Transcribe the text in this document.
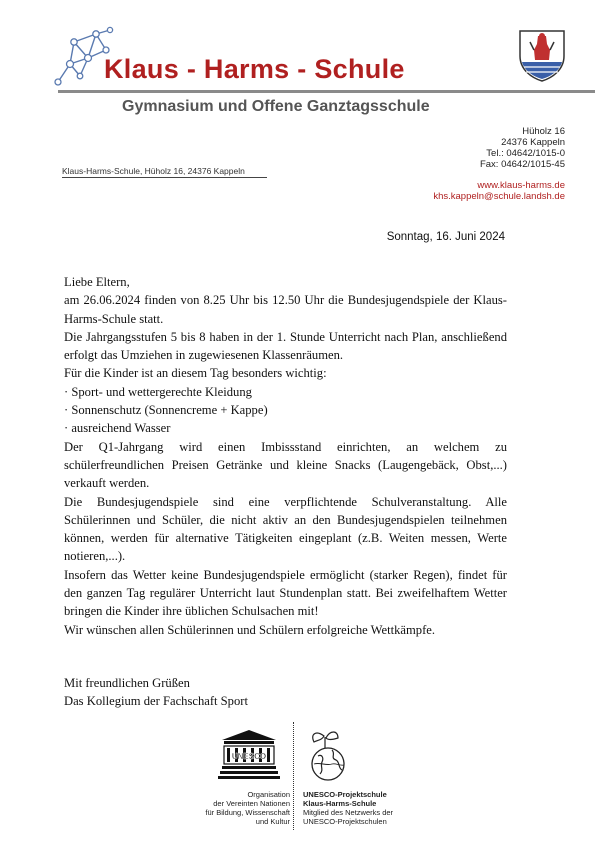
Klaus - Harms - Schule
Gymnasium und Offene Ganztagsschule
Hüholz 16
24376 Kappeln
Tel.: 04642/1015-0
Fax: 04642/1015-45
Klaus-Harms-Schule, Hüholz 16, 24376 Kappeln
www.klaus-harms.de
khs.kappeln@schule.landsh.de
Sonntag, 16. Juni 2024

Liebe Eltern,

am 26.06.2024 finden von 8.25 Uhr bis 12.50 Uhr die Bundesjugendspiele der Klaus-Harms-Schule statt.

Die Jahrgangsstufen 5 bis 8 haben in der 1. Stunde Unterricht nach Plan, anschließend erfolgt das Umziehen in zugewiesenen Klassenräumen.

Für die Kinder ist an diesem Tag besonders wichtig:

· Sport- und wettergerechte Kleidung

· Sonnenschutz (Sonnencreme + Kappe)

· ausreichend Wasser

Der Q1-Jahrgang wird einen Imbissstand einrichten, an welchem zu schülerfreundlichen Preisen Getränke und kleine Snacks (Laugengebäck, Obst,...) verkauft werden.

Die Bundesjugendspiele sind eine verpflichtende Schulveranstaltung. Alle Schülerinnen und Schüler, die nicht aktiv an den Bundesjugendspielen teilnehmen können, werden für alternative Tätigkeiten eingeplant (z.B. Weiten messen, Werte notieren,...).

Insofern das Wetter keine Bundesjugendspiele ermöglicht (starker Regen), findet für den ganzen Tag regulärer Unterricht laut Stundenplan statt. Bei zweifelhaftem Wetter bringen die Kinder ihre üblichen Schulsachen mit!

Wir wünschen allen Schülerinnen und Schülern erfolgreiche Wettkämpfe.

Mit freundlichen Grüßen
Das Kollegium der Fachschaft Sport
UNESCO
Organisation
der Vereinten Nationen
für Bildung, Wissenschaft
und Kultur
UNESCO-Projektschule
Klaus-Harms-Schule
Mitglied des Netzwerks der
UNESCO-Projektschulen
